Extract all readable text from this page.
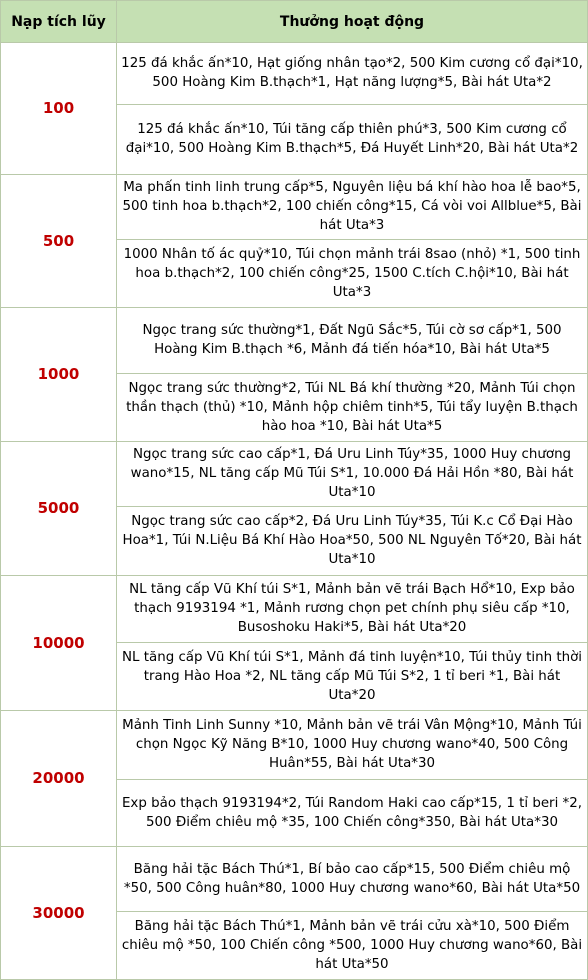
Nạp tích lũy	Thưởng hoạt động
100	125 đá khắc ấn*10, Hạt giống nhân tạo*2, 500 Kim cương cổ đại*10, 500 Hoàng Kim B.thạch*1, Hạt năng lượng*5, Bài hát Uta*2
	125 đá khắc ấn*10, Túi tăng cấp thiên phú*3, 500 Kim cương cổ đại*10, 500 Hoàng Kim B.thạch*5, Đá Huyết Linh*20, Bài hát Uta*2
500	Ma phấn tinh linh trung cấp*5, Nguyên liệu bá khí hào hoa lễ bao*5, 500 tinh hoa b.thạch*2, 100 chiến công*15, Cá vòi voi Allblue*5, Bài hát Uta*3
	1000 Nhân tố ác quỷ*10, Túi chọn mảnh trái 8sao (nhỏ) *1, 500 tinh hoa b.thạch*2, 100 chiến công*25, 1500 C.tích C.hội*10, Bài hát Uta*3
1000	Ngọc trang sức thường*1, Đất Ngũ Sắc*5, Túi cờ sơ cấp*1, 500 Hoàng Kim B.thạch *6, Mảnh đá tiến hóa*10, Bài hát Uta*5
	Ngọc trang sức thường*2, Túi NL Bá khí thường *20, Mảnh Túi chọn thần thạch (thủ) *10, Mảnh hộp chiêm tinh*5, Túi tẩy luyện B.thạch hào hoa *10, Bài hát Uta*5
5000	Ngọc trang sức cao cấp*1, Đá Uru Linh Túy*35, 1000 Huy chương wano*15, NL tăng cấp Mũ Túi S*1, 10.000 Đá Hải Hồn *80, Bài hát Uta*10
	Ngọc trang sức cao cấp*2, Đá Uru Linh Túy*35, Túi K.c Cổ Đại Hào Hoa*1, Túi N.Liệu Bá Khí Hào Hoa*50, 500 NL Nguyên Tố*20, Bài hát Uta*10
10000	NL tăng cấp Vũ Khí túi S*1, Mảnh bản vẽ trái Bạch Hổ*10, Exp bảo thạch 9193194 *1, Mảnh rương chọn pet chính phụ siêu cấp *10, Busoshoku Haki*5, Bài hát Uta*20
	NL tăng cấp Vũ Khí túi S*1, Mảnh đá tinh luyện*10, Túi thủy tinh thời trang Hào Hoa *2, NL tăng cấp Mũ Túi S*2, 1 tỉ beri *1, Bài hát Uta*20
20000	Mảnh Tinh Linh Sunny *10, Mảnh bản vẽ trái Vân Mộng*10, Mảnh Túi chọn Ngọc Kỹ Năng B*10, 1000 Huy chương wano*40, 500 Công Huân*55, Bài hát Uta*30
	Exp bảo thạch 9193194*2, Túi Random Haki cao cấp*15, 1 tỉ beri *2, 500 Điểm chiêu mộ *35, 100 Chiến công*350, Bài hát Uta*30
30000	Băng hải tặc Bách Thú*1, Bí bảo cao cấp*15, 500 Điểm chiêu mộ *50, 500 Công huân*80, 1000 Huy chương wano*60, Bài hát Uta*50
	Băng hải tặc Bách Thú*1, Mảnh bản vẽ trái cửu xà*10, 500 Điểm chiêu mộ *50, 100 Chiến công *500, 1000 Huy chương wano*60, Bài hát Uta*50
